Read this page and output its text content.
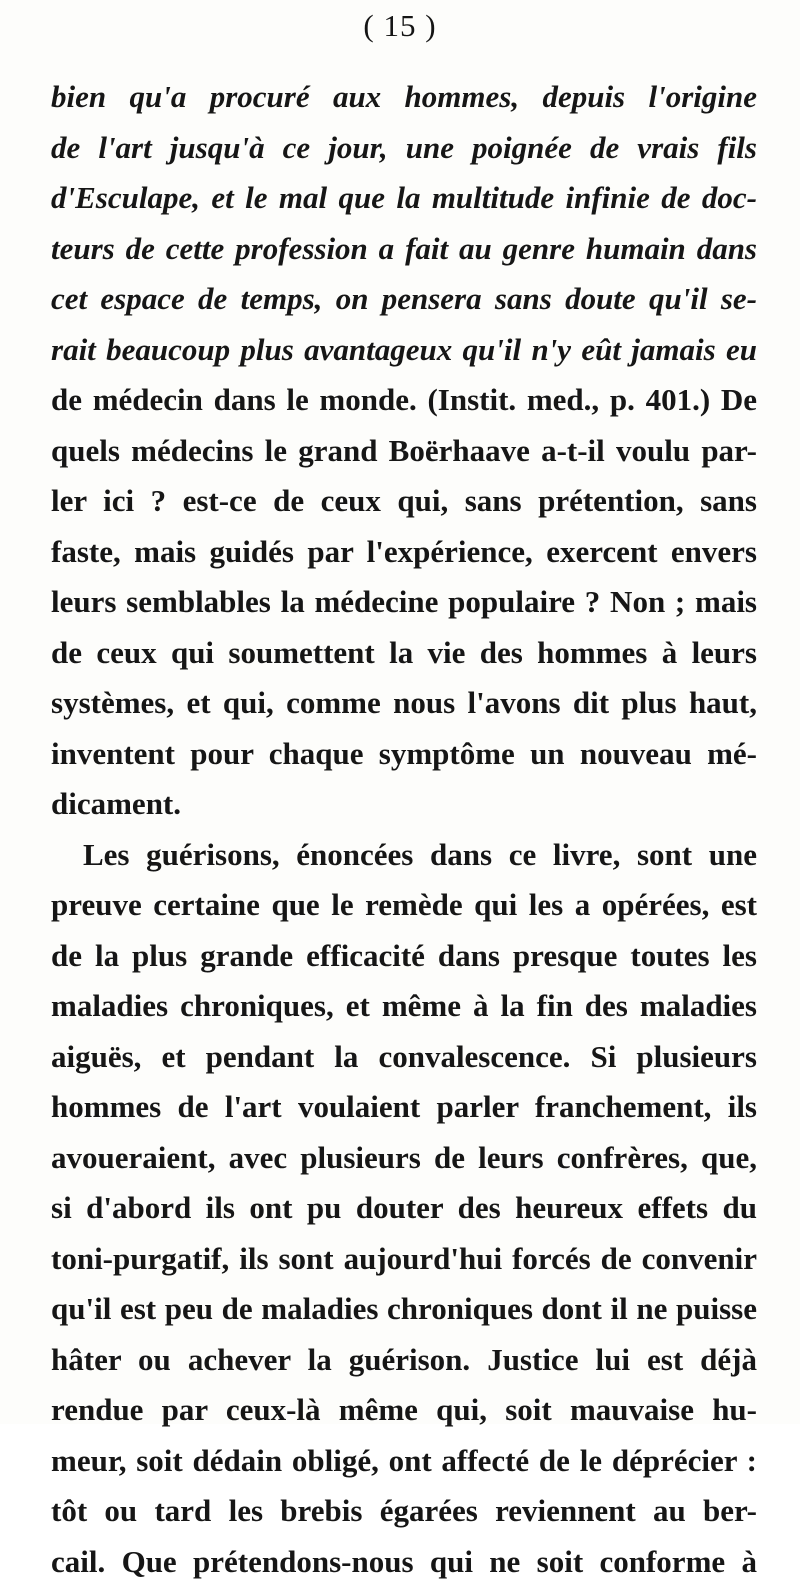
( 15 )
bien qu'a procuré aux hommes, depuis l'origine
de l'art jusqu'à ce jour, une poignée de vrais fils
d'Esculape, et le mal que la multitude infinie de doc-
teurs de cette profession a fait au genre humain dans
cet espace de temps, on pensera sans doute qu'il se-
rait beaucoup plus avantageux qu'il n'y eût jamais eu
de médecin dans le monde. (Instit. med., p. 401.) De
quels médecins le grand Boërhaave a-t-il voulu par-
ler ici ? est-ce de ceux qui, sans prétention, sans
faste, mais guidés par l'expérience, exercent envers
leurs semblables la médecine populaire ? Non ; mais
de ceux qui soumettent la vie des hommes à leurs
systèmes, et qui, comme nous l'avons dit plus haut,
inventent pour chaque symptôme un nouveau mé-
dicament.
Les guérisons, énoncées dans ce livre, sont une
preuve certaine que le remède qui les a opérées, est
de la plus grande efficacité dans presque toutes les
maladies chroniques, et même à la fin des maladies
aiguës, et pendant la convalescence. Si plusieurs
hommes de l'art voulaient parler franchement, ils
avoueraient, avec plusieurs de leurs confrères, que,
si d'abord ils ont pu douter des heureux effets du
toni-purgatif, ils sont aujourd'hui forcés de convenir
qu'il est peu de maladies chroniques dont il ne puisse
hâter ou achever la guérison. Justice lui est déjà
rendue par ceux-là même qui, soit mauvaise hu-
meur, soit dédain obligé, ont affecté de le déprécier :
tôt ou tard les brebis égarées reviennent au ber-
cail. Que prétendons-nous qui ne soit conforme à
